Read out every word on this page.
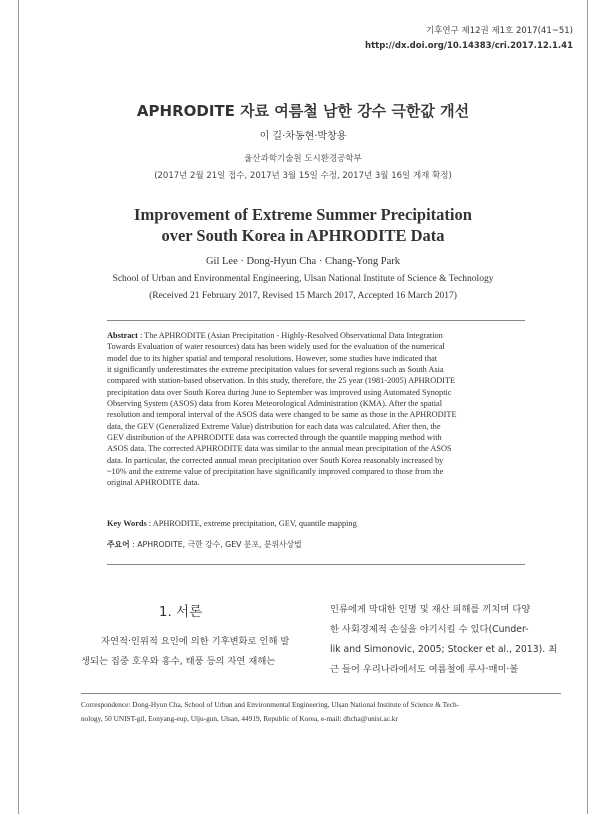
기후연구 제12권 제1호 2017(41~51)
http://dx.doi.org/10.14383/cri.2017.12.1.41
APHRODITE 자료 여름철 남한 강수 극한값 개선
이 길·차동현·박창용
울산과학기술원 도시환경공학부
(2017년 2월 21일 접수, 2017년 3월 15일 수정, 2017년 3월 16일 게재 확정)
Improvement of Extreme Summer Precipitation
over South Korea in APHRODITE Data
Gil Lee · Dong-Hyun Cha · Chang-Yong Park
School of Urban and Environmental Engineering, Ulsan National Institute of Science & Technology
(Received 21 February 2017, Revised 15 March 2017, Accepted 16 March 2017)
Abstract : The APHRODITE (Asian Precipitation - Highly-Resolved Observational Data Integration
Towards Evaluation of water resources) data has been widely used for the evaluation of the numerical
model due to its higher spatial and temporal resolutions. However, some studies have indicated that
it significantly underestimates the extreme precipitation values for several regions such as South Asia
compared with station-based observation. In this study, therefore, the 25 year (1981-2005) APHRODITE
precipitation data over South Korea during June to September was improved using Automated Synoptic
Observing System (ASOS) data from Korea Meteorological Administration (KMA). After the spatial
resolution and temporal interval of the ASOS data were changed to be same as those in the APHRODITE
data, the GEV (Generalized Extreme Value) distribution for each data was calculated. After then, the
GEV distribution of the APHRODITE data was corrected through the quantile mapping method with
ASOS data. The corrected APHRODITE data was similar to the annual mean precipitation of the ASOS
data. In particular, the corrected annual mean precipitation over South Korea reasonably increased by
~10% and the extreme value of precipitation have significantly improved compared to those from the
original APHRODITE data.
Key Words : APHRODITE, extreme precipitation, GEV, quantile mapping
주요어 : APHRODITE, 극한 강수, GEV 분포, 분위사상법
1. 서론
자연적·인위적 요인에 의한 기후변화로 인해 발
생되는 집중 호우와 홍수, 태풍 등의 자연 재해는
인류에게 막대한 인명 및 재산 피해를 끼치며 다양
한 사회경제적 손실을 야기시킬 수 있다(Cunder-
lik and Simonovic, 2005; Stocker et al., 2013). 최
근 들어 우리나라에서도 여름철에 루사·매미·볼
Correspondence: Dong-Hyun Cha, School of Urban and Environmental Engineering, Ulsan National Institute of Science & Tech-
nology, 50 UNIST-gil, Eonyang-eup, Ulju-gun, Ulsan, 44919, Republic of Korea, e-mail: dhcha@unist.ac.kr
